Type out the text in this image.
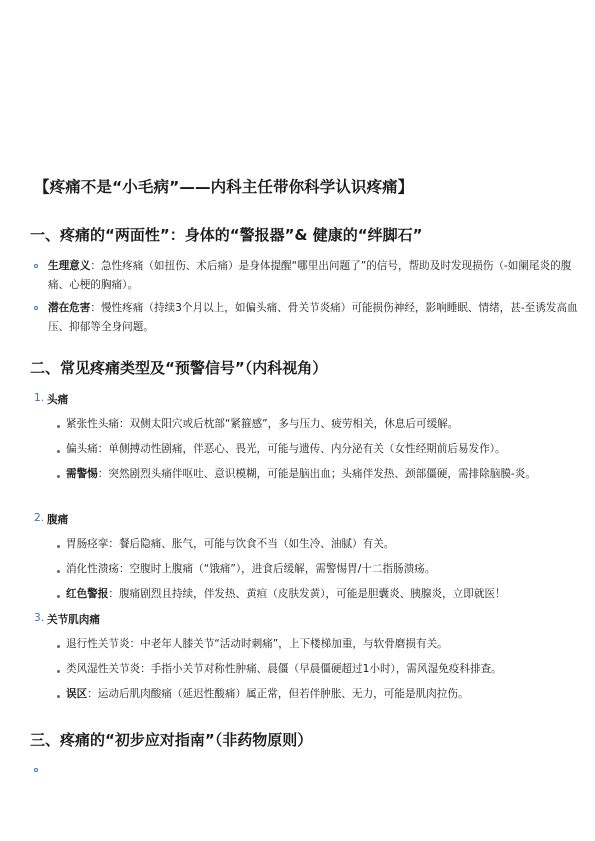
【疼痛不是“小毛病”——内科主任带你科学认识疼痛】
一、疼痛的“两面性”：身体的“警报器”& 健康的“绊脚石”
生理意义：急性疼痛（如扭伤、术后痛）是身体提醒“哪里出问题了”的信号，帮助及时发现损伤（-如阑尾炎的腹痛、心梗的胸痛）。
潜在危害：慢性疼痛（持续3个月以上，如偏头痛、骨关节炎痛）可能损伤神经，影响睡眠、情绪，甚-至诱发高血压、抑郁等全身问题。
二、常见疼痛类型及“预警信号”（内科视角）
1. 头痛
紧张性头痛：双侧太阳穴或后枕部“紧箍感”，多与压力、疲劳相关，休息后可缓解。
偏头痛：单侧搏动性剧痛，伴恶心、畏光，可能与遗传、内分泌有关（女性经期前后易发作）。
需警惕：突然剧烈头痛伴呕吐、意识模糊，可能是脑出血；头痛伴发热、颈部僵硬，需排除脑膜-炎。
2. 腹痛
胃肠痉挛：餐后隐痛、胀气，可能与饮食不当（如生冷、油腻）有关。
消化性溃疡：空腹时上腹痛（“饿痛”），进食后缓解，需警惕胃/十二指肠溃疡。
红色警报：腹痛剧烈且持续，伴发热、黄疸（皮肤发黄），可能是胆囊炎、胰腺炎，立即就医！
3. 关节肌肉痛
退行性关节炎：中老年人膝关节“活动时刺痛”，上下楼梯加重，与软骨磨损有关。
类风湿性关节炎：手指小关节对称性肿痛、晨僵（早晨僵硬超过1小时），需风湿免疫科排查。
误区：运动后肌肉酸痛（延迟性酸痛）属正常，但若伴肿胀、无力，可能是肌肉拉伤。
三、疼痛的“初步应对指南”（非药物原则）
